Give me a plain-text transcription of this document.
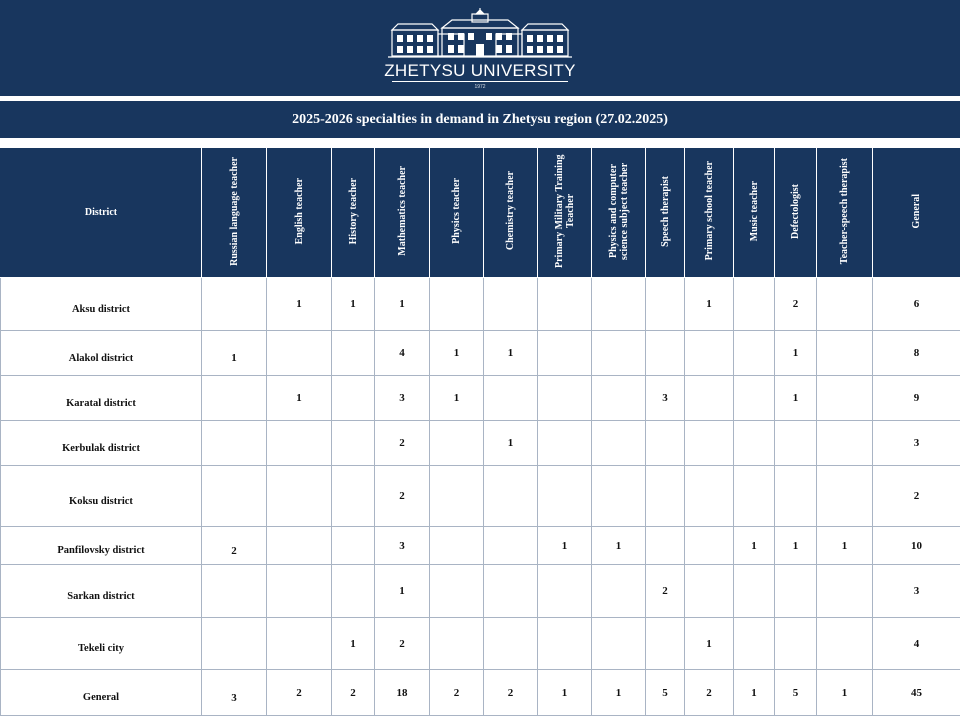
ZHETYSU UNIVERSITY
1972
2025-2026 specialties in demand in Zhetysu region (27.02.2025)
District	Russian language teacher	English teacher	History teacher	Mathematics teacher	Physics teacher	Chemistry teacher	Primary Military Training Teacher	Physics and computer science subject teacher	Speech therapist	Primary school teacher	Music teacher	Defectologist	Teacher-speech therapist	General
Aksu district		1	1	1						1		2		6
Alakol district	1			4	1	1						1		8
Karatal district		1		3	1				3			1		9
Kerbulak district				2		1								3
Koksu district				2										2
Panfilovsky district	2			3			1	1			1	1	1	10
Sarkan district				1					2					3
Tekeli city			1	2						1				4
General	3	2	2	18	2	2	1	1	5	2	1	5	1	45
